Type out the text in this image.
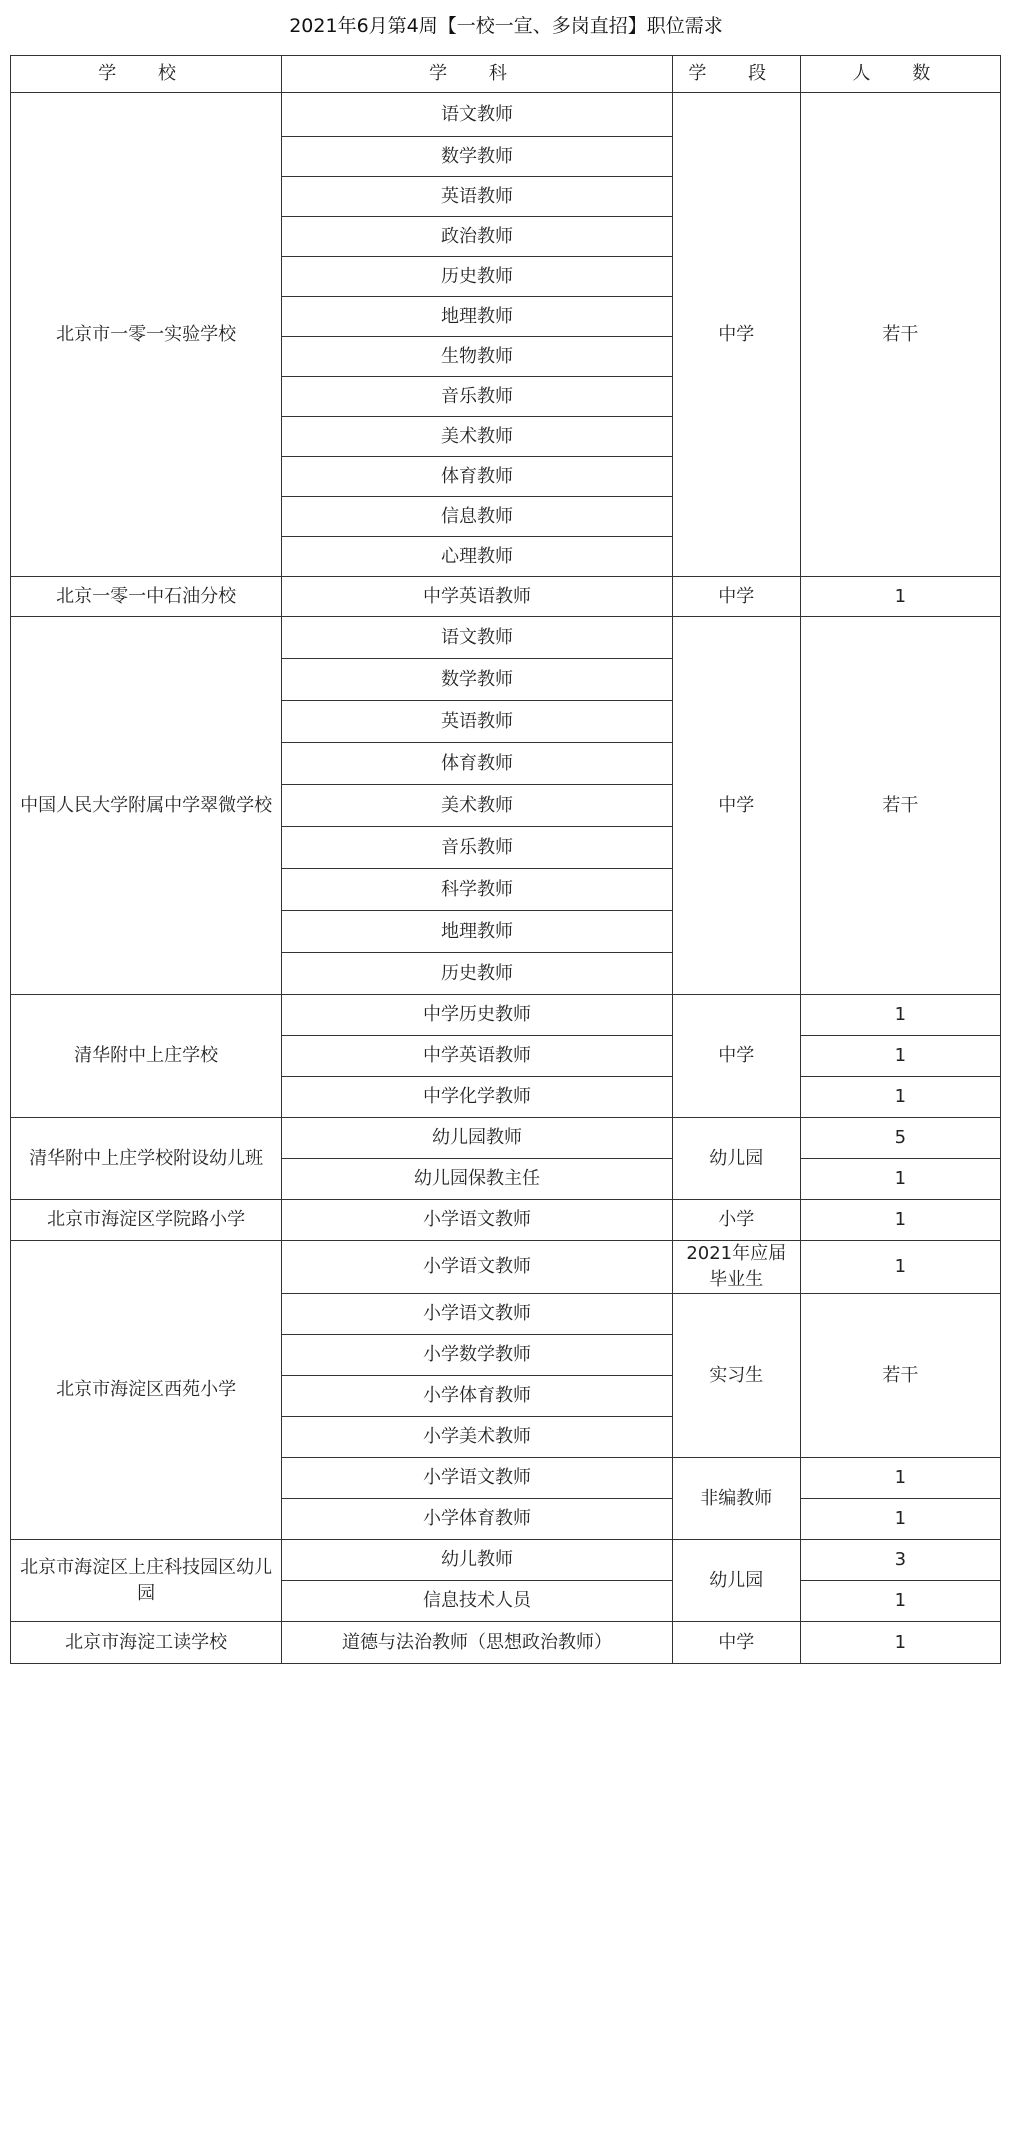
2021年6月第4周【一校一宣、多岗直招】职位需求
学 校	学 科	学 段	人 数
北京市一零一实验学校	语文教师	中学	若干
	数学教师		
	英语教师		
	政治教师		
	历史教师		
	地理教师		
	生物教师		
	音乐教师		
	美术教师		
	体育教师		
	信息教师		
	心理教师		
北京一零一中石油分校	中学英语教师	中学	1
中国人民大学附属中学翠微学校	语文教师	中学	若干
	数学教师		
	英语教师		
	体育教师		
	美术教师		
	音乐教师		
	科学教师		
	地理教师		
	历史教师		
清华附中上庄学校	中学历史教师	中学	1
	中学英语教师		1
	中学化学教师		1
清华附中上庄学校附设幼儿班	幼儿园教师	幼儿园	5
	幼儿园保教主任		1
北京市海淀区学院路小学	小学语文教师	小学	1
北京市海淀区西苑小学	小学语文教师	2021年应届毕业生	1
	小学语文教师	实习生	若干
	小学数学教师		
	小学体育教师		
	小学美术教师		
	小学语文教师	非编教师	1
	小学体育教师		1
北京市海淀区上庄科技园区幼儿园	幼儿教师	幼儿园	3
	信息技术人员		1
北京市海淀工读学校	道德与法治教师（思想政治教师）	中学	1
